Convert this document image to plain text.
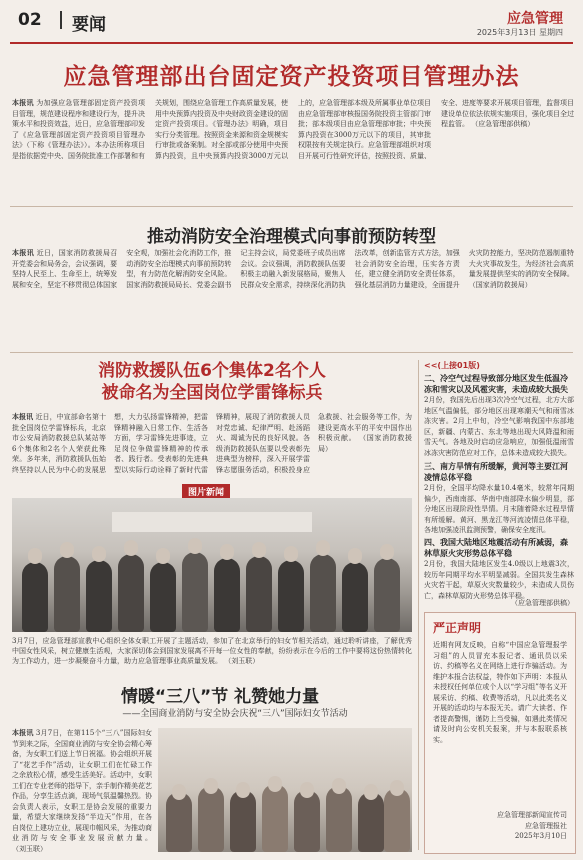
02 要闻	应急管理
2025年3月13日 星期四
应急管理部出台固定资产投资项目管理办法
本报讯 为加强应急管理部固定资产投资项目管理，规范建设程序和建设行为，提升决策水平和投资效益，近日，应急管理部印发了《应急管理部固定资产投资项目管理办法》（下称《管理办法》）。本办法所称项目是指依据党中央、国务院批准工作部署和有关规划，围绕应急管理工作高质量发展，使用中央预算内投资及中央财政资金建设的固定资产投资项目。《管理办法》明确，项目实行分类管理。按照资金来源和资金规模实行审批或备案制。对全部或部分使用中央预算内投资，且中央预算内投资3000万元以上的，应急管理部本级及所属事业单位项目由应急管理部审核报国务院投资主管部门审批；部本级项目由应急管理部审批；中央预算内投资在3000万元以下的项目，其审批权限按有关规定执行。应急管理部组织对项目开展可行性研究评估，按照投资、质量、安全、进度等要求开展项目管理，监督项目建设单位依法依规实施项目，强化项目全过程监管。 （应急管理部供稿）
推动消防安全治理模式向事前预防转型
本报讯 近日，国家消防救援局召开党委会和局务会，会议强调，要坚持人民至上、生命至上，统筹发展和安全，坚定不移贯彻总体国家安全观，加强社会化消防工作，推动消防安全治理模式向事前预防转型，有力防范化解消防安全风险。国家消防救援局局长、党委会副书记主持会议，局党委班子成员出席会议。会议强调，消防救援队伍要积极主动融入新发展格局，聚焦人民群众安全需求，持续深化消防执法改革，创新监管方式方法，加强社会消防安全治理，压实各方责任，建立健全消防安全责任体系，强化基层消防力量建设，全面提升火灾防控能力，坚决防范遏制重特大火灾事故发生，为经济社会高质量发展提供坚实的消防安全保障。 （国家消防救援局）
消防救援队伍6个集体2名个人
被命名为全国岗位学雷锋标兵
本报讯 近日，中宣部命名第十批全国岗位学雷锋标兵，北京市公安局消防救援总队某站等6个集体和2名个人荣获此殊荣。多年来，消防救援队伍始终坚持以人民为中心的发展思想，大力弘扬雷锋精神，把雷锋精神融入日常工作、生活各方面，学习雷锋先进事迹，立足岗位争做雷锋精神的传承者、践行者。受表彰的先进典型以实际行动诠释了新时代雷锋精神，展现了消防救援人员对党忠诚、纪律严明、赴汤蹈火、竭诚为民的良好风貌。各级消防救援队伍要以受表彰先进典型为榜样，深入开展学雷锋志愿服务活动，积极投身应急救援、社会服务等工作，为建设更高水平的平安中国作出积极贡献。 （国家消防救援局）
图片新闻
3月7日，应急管理部宣教中心组织全体女职工开展了主题活动，参加了在北京举行的妇女节相关活动，通过聆听讲座，了解优秀中国女性风采，树立健康生活观，大家深切体会到国家发展离不开每一位女性的奉献，纷纷表示在今后的工作中要将这份热情转化为工作动力，进一步凝聚奋斗力量，助力应急管理事业高质量发展。 （刘玉联）
情暖“三八”节 礼赞她力量
——全国商业消防与安全协会庆祝“三八”国际妇女节活动
本报讯 3月7日，在第115个“三八”国际妇女节到来之际，全国商业消防与安全协会精心筹备，为女职工们送上节日祝福。协会组织开展了“花艺手作”活动，让女职工们在忙碌工作之余放松心情，感受生活美好。活动中，女职工们在专业老师的指导下，亲手制作精美花艺作品，分享生活点滴，现场气氛温馨热烈。协会负责人表示，女职工是协会发展的重要力量，希望大家继续发扬“半边天”作用，在各自岗位上建功立业，展现巾帼风采，为推动商业消防与安全事业发展贡献力量。 （刘玉联）
<<(上接01版)
二、冷空气过程导致部分地区发生低温冷冻和雪灾以及风雹灾害，未造成较大损失
2月份，我国先后出现3次冷空气过程，北方大部地区气温偏低，部分地区出现寒潮天气和雨雪冰冻灾害。2月上中旬，冷空气影响我国中东部地区，新疆、内蒙古、东北等地出现大风降温和雨雪天气。各地及时启动应急响应，加强低温雨雪冰冻灾害防范应对工作，总体未造成较大损失。
三、南方旱情有所缓解，黄河等主要江河凌情总体平稳
2月份，全国平均降水量10.4毫米，较常年同期偏少，西南南部、华南中南部降水偏少明显，部分地区出现阶段性旱情。月末随着降水过程旱情有所缓解。黄河、黑龙江等河流凌情总体平稳，各地加强凌汛监测预警，确保安全度汛。
四、我国大陆地区地震活动有所减弱，森林草原火灾形势总体平稳
2月份，我国大陆地区发生4.0级以上地震3次，较历年同期平均水平明显减弱。全国共发生森林火灾若干起，草原火灾数量较少，未造成人员伤亡，森林草原防火形势总体平稳。
（应急管理部供稿）
严正声明
近期有网友反映，自称“中国应急管理报学习组”的人员冒充本报记者、通讯员以采访、约稿等名义在网络上进行诈骗活动。为维护本报合法权益，特作如下声明：本报从未授权任何单位或个人以“学习组”等名义开展采访、约稿、收费等活动，凡以此类名义开展的活动均与本报无关。请广大读者、作者提高警惕，谨防上当受骗，如遇此类情况请及时向公安机关报案，并与本报联系核实。
应急管理部新闻宣传司
应急管理报社
2025年3月10日
